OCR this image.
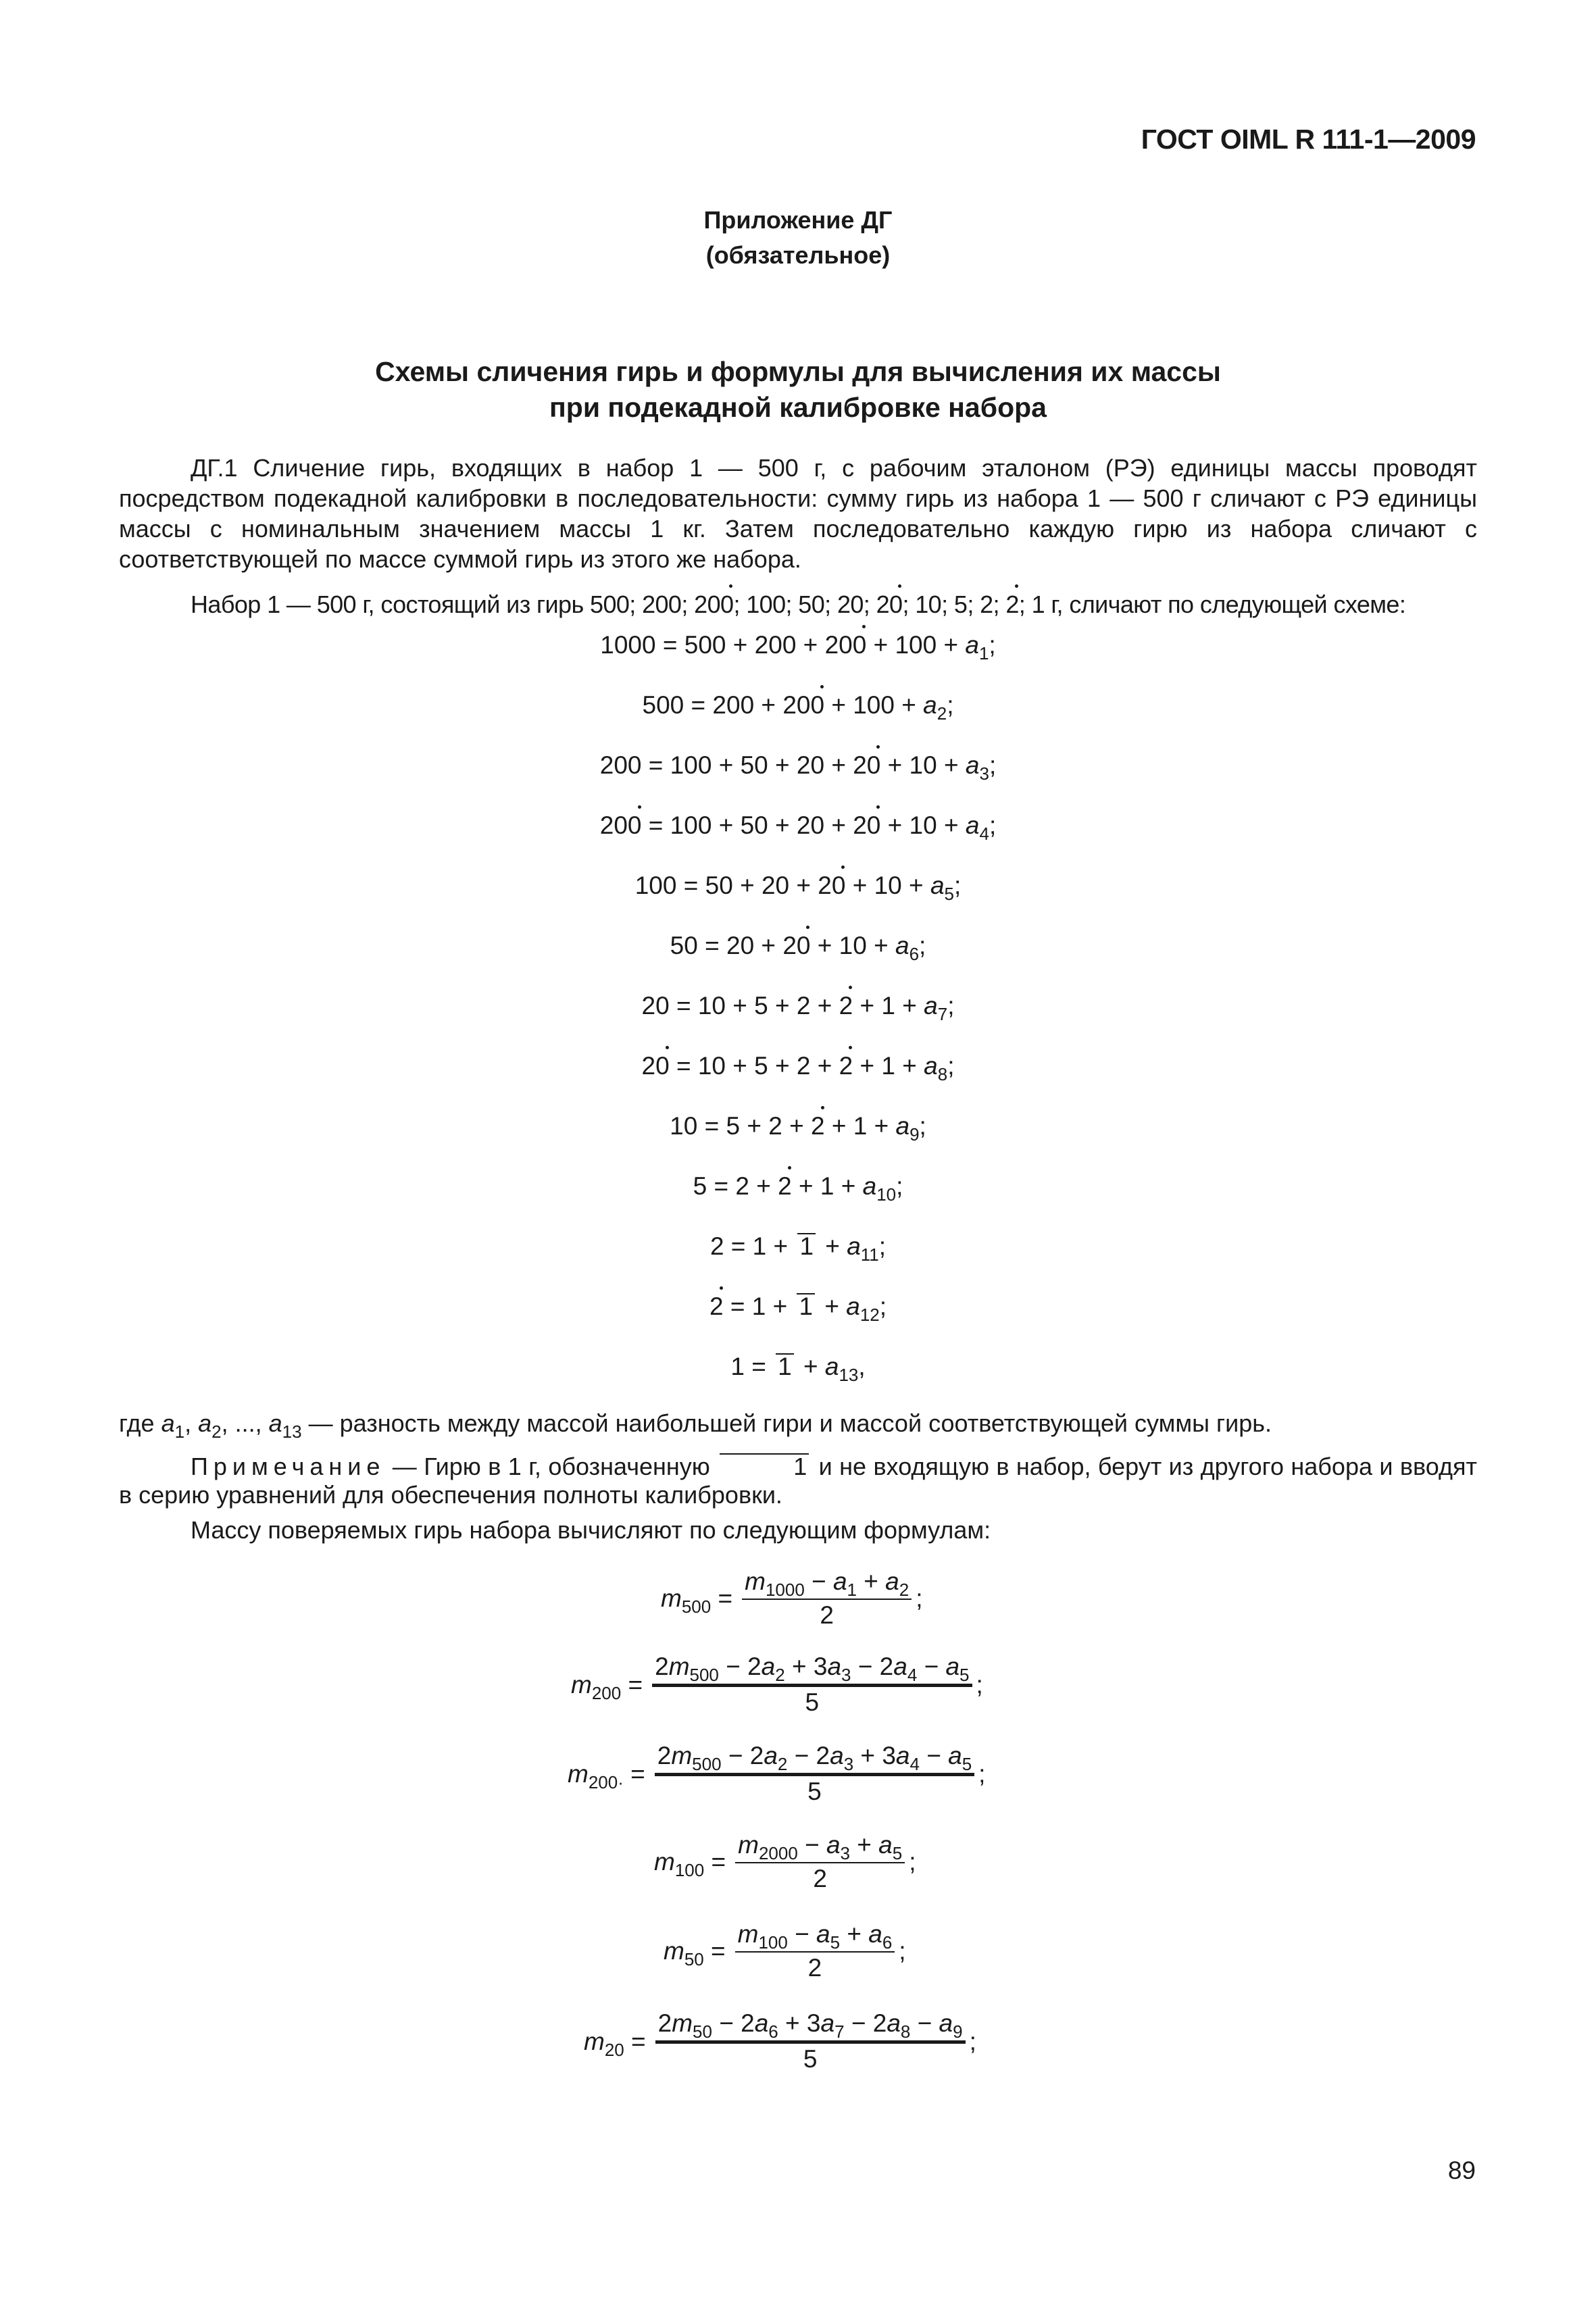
ГОСТ OIML R 111-1—2009
Приложение ДГ
(обязательное)
Схемы сличения гирь и формулы для вычисления их массы
при подекадной калибровке набора
ДГ.1 Сличение гирь, входящих в набор 1 — 500 г, с рабочим эталоном (РЭ) единицы массы проводят посредством подекадной калибровки в последовательности: сумму гирь из набора 1 — 500 г сличают с РЭ единицы массы с номинальным значением массы 1 кг. Затем последовательно каждую гирю из набора сличают с соответствующей по массе суммой гирь из этого же набора.
Набор 1 — 500 г, состоящий из гирь 500; 200; 200; 100; 50; 20; 20; 10; 5; 2; 2; 1 г, сличают по следующей схеме:
$1000 = 500 + 200 + 200 + 100 + a_1$;
$500 = 200 + 200 + 100 + a_2$;
$200 = 100 + 50 + 20 + 20 + 10 + a_3$;
$200 = 100 + 50 + 20 + 20 + 10 + a_4$;
$100 = 50 + 20 + 20 + 10 + a_5$;
$50 = 20 + 20 + 10 + a_6$;
$20 = 10 + 5 + 2 + 2 + 1 + a_7$;
$20 = 10 + 5 + 2 + 2 + 1 + a_8$;
$10 = 5 + 2 + 2 + 1 + a_9$;
$5 = 2 + 2 + 1 + a_{10}$;
$2 = 1 + 1 + a_{11}$;
$2 = 1 + 1 + a_{12}$;
$1 = 1 + a_{13}$,
где $a_1$, $a_2$, ..., $a_{13}$ — разность между массой наибольшей гири и массой соответствующей суммы гирь.
Примечание — Гирю в 1 г, обозначенную	1 и не входящую в набор, берут из другого набора и вводят в серию уравнений для обеспечения полноты калибровки.
Массу поверяемых гирь набора вычисляют по следующим формулам:
$m_{500} = \frac{m_{1000} - a_1 + a_2}{2}$ ;
$m_{200}$ =
$2m_{500} - 2a_2 + 3a_3 - 2a_4 - a_5$
5
;
$m_{200\cdot}$ =
$2m_{500} - 2a_2 - 2a_3 + 3a_4 - a_5$
5
;
$m_{100} = \frac{m_{2000} - a_3 + a_5}{2}$ ;
$m_{50} = \frac{m_{100} - a_5 + a_6}{2}$ ;
$m_{20}$ =
$2m_{50} - 2a_6 + 3a_7 - 2a_8 - a_9$
5
;
89
